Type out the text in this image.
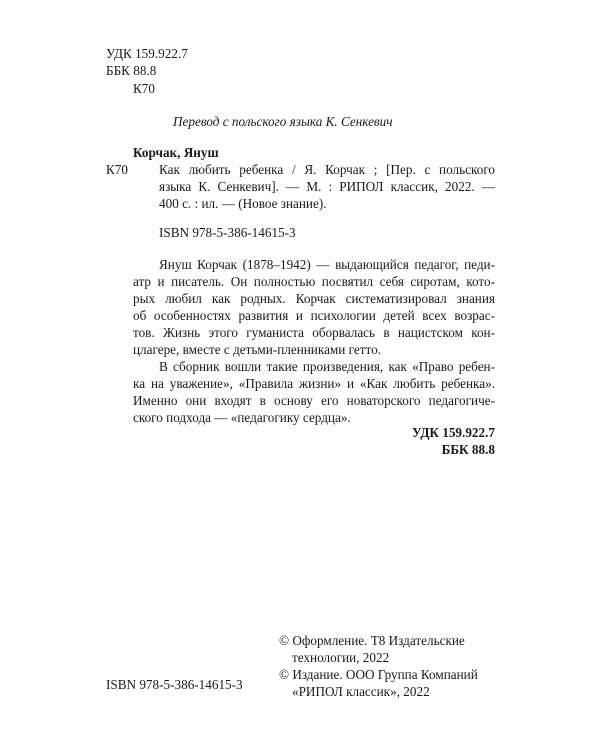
УДК 159.922.7
ББК 88.8
К70
Перевод с польского языка К. Сенкевич
Корчак, Януш
К70 Как любить ребенка / Я. Корчак ; [Пер. с польского
языка К. Сенкевич]. — М. : РИПОЛ классик, 2022. —
400 с. : ил. — (Новое знание).
ISBN 978-5-386-14615-3
Януш Корчак (1878–1942) — выдающийся педагог, педи-
атр и писатель. Он полностью посвятил себя сиротам, кото-
рых любил как родных. Корчак систематизировал знания
об особенностях развития и психологии детей всех возрас-
тов. Жизнь этого гуманиста оборвалась в нацистском кон-
цлагере, вместе с детьми-пленниками гетто.
В сборник вошли такие произведения, как «Право ребен-
ка на уважение», «Правила жизни» и «Как любить ребенка».
Именно они входят в основу его новаторского педагогиче-
ского подхода — «педагогику сердца».
УДК 159.922.7
ББК 88.8
ISBN 978-5-386-14615-3
© Оформление. Т8 Издательские
технологии, 2022
© Издание. ООО Группа Компаний
«РИПОЛ классик», 2022
